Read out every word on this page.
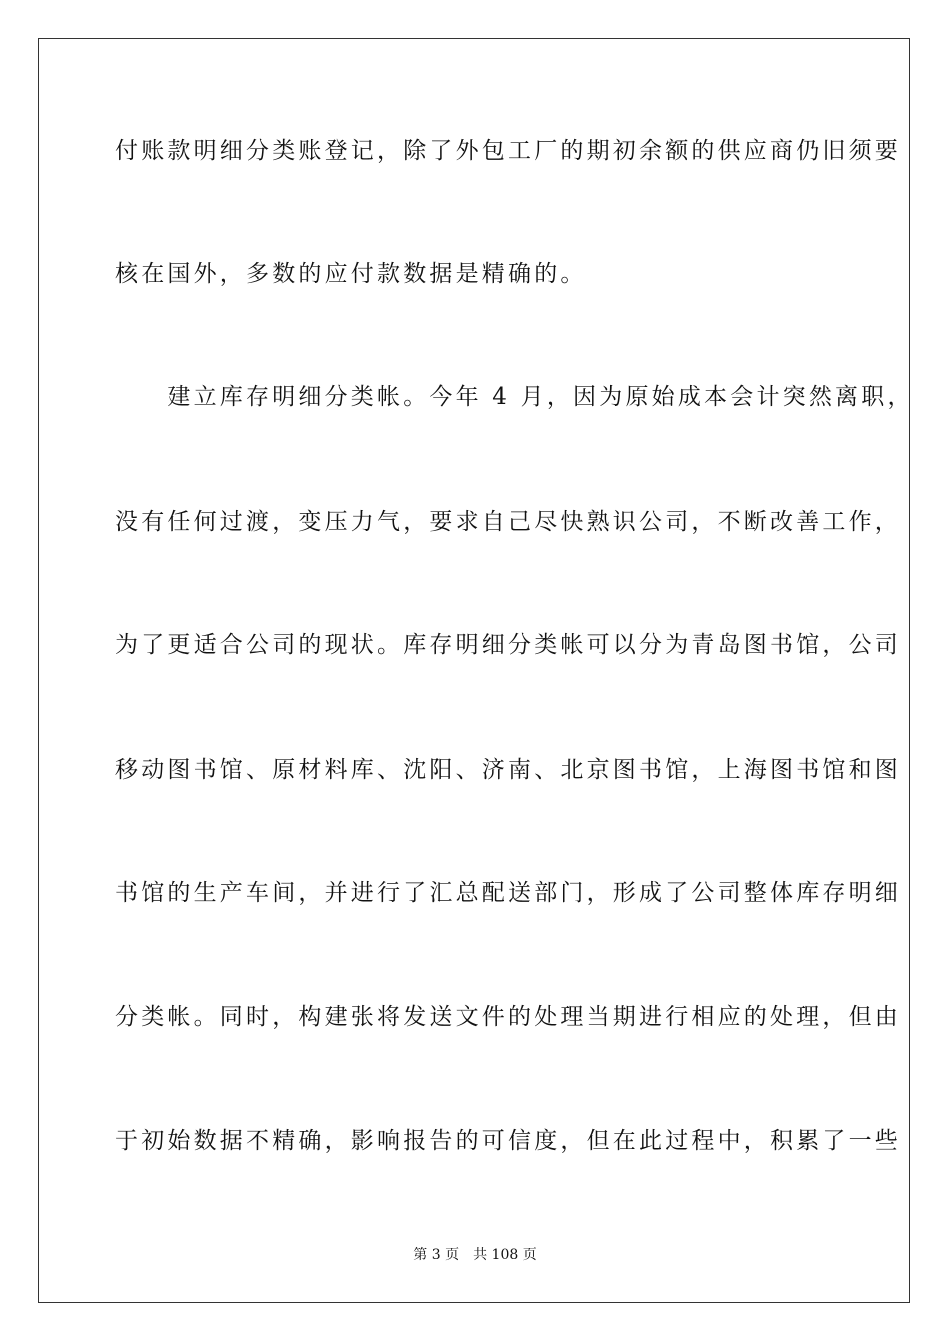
付账款明细分类账登记，除了外包工厂的期初余额的供应商仍旧须要
核在国外，多数的应付款数据是精确的。
　　建立库存明细分类帐。今年 4 月，因为原始成本会计突然离职，
没有任何过渡，变压力气，要求自己尽快熟识公司，不断改善工作，
为了更适合公司的现状。库存明细分类帐可以分为青岛图书馆，公司
移动图书馆、原材料库、沈阳、济南、北京图书馆，上海图书馆和图
书馆的生产车间，并进行了汇总配送部门，形成了公司整体库存明细
分类帐。同时，构建张将发送文件的处理当期进行相应的处理，但由
于初始数据不精确，影响报告的可信度，但在此过程中，积累了一些
第 3 页　共 108 页
